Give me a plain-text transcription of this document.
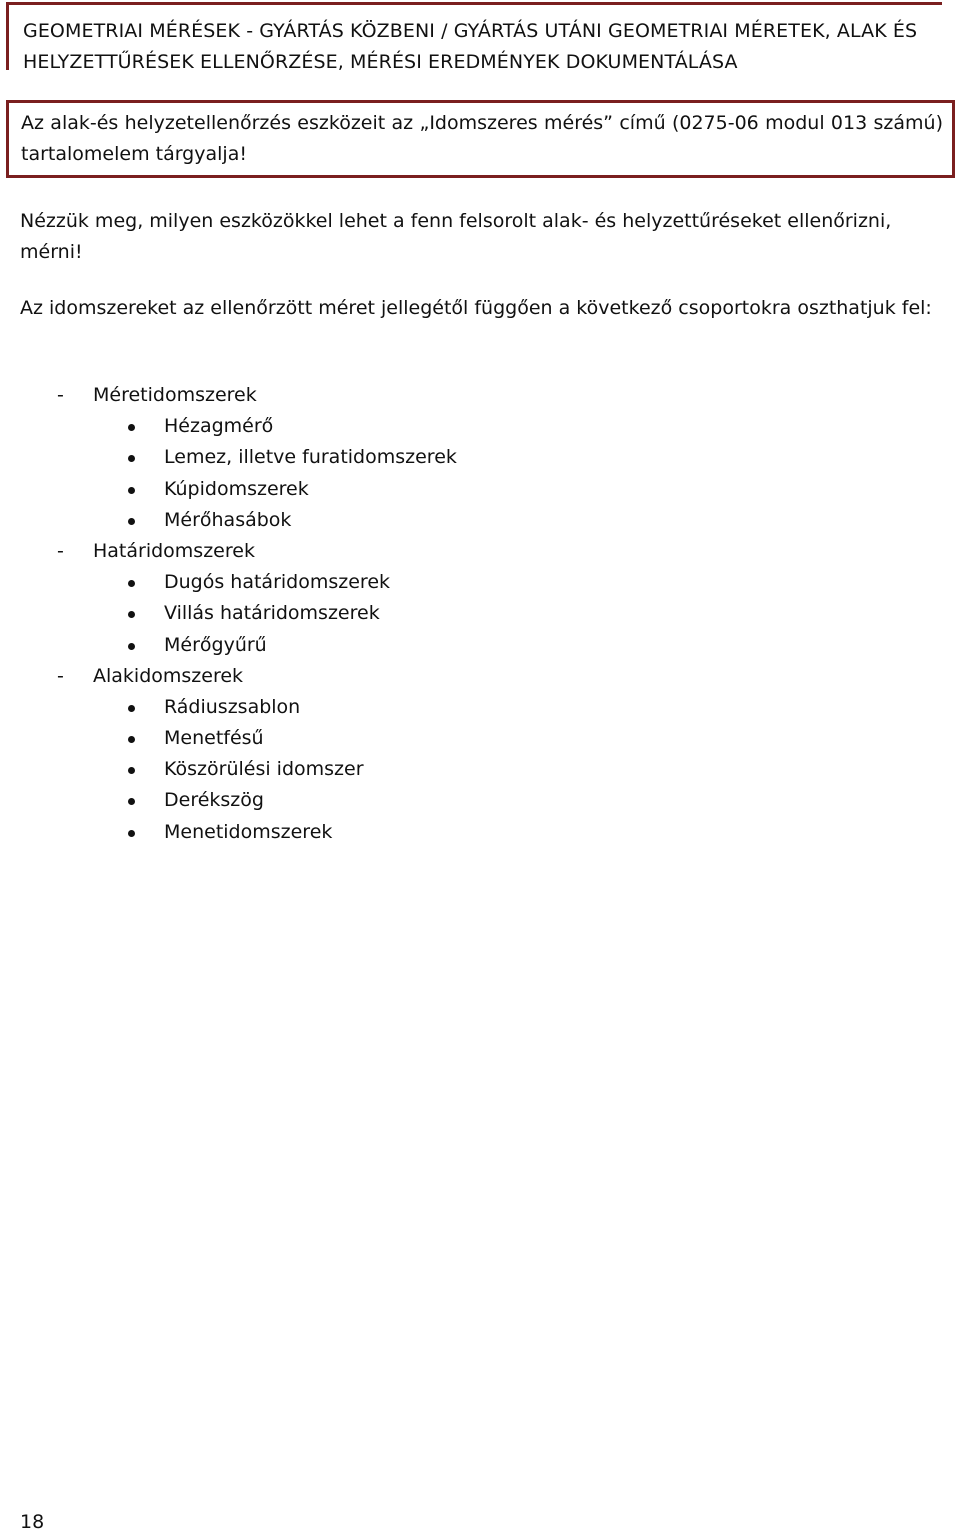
GEOMETRIAI MÉRÉSEK - GYÁRTÁS KÖZBENI / GYÁRTÁS UTÁNI GEOMETRIAI MÉRETEK, ALAK ÉS HELYZETTŰRÉSEK ELLENŐRZÉSE, MÉRÉSI EREDMÉNYEK DOKUMENTÁLÁSA
Az alak-és helyzetellenőrzés eszközeit az „Idomszeres mérés” című (0275-06 modul 013 számú) tartalomelem tárgyalja!

Nézzük meg, milyen eszközökkel lehet a fenn felsorolt alak- és helyzettűréseket ellenőrizni, mérni!

Az idomszereket az ellenőrzött méret jellegétől függően a következő csoportokra oszthatjuk fel:

- Méretidomszerek
Hézagmérő
Lemez, illetve furatidomszerek
Kúpidomszerek
Mérőhasábok
- Határidomszerek
Dugós határidomszerek
Villás határidomszerek
Mérőgyűrű
- Alakidomszerek
Rádiuszsablon
Menetfésű
Köszörülési idomszer
Derékszög
Menetidomszerek
18
